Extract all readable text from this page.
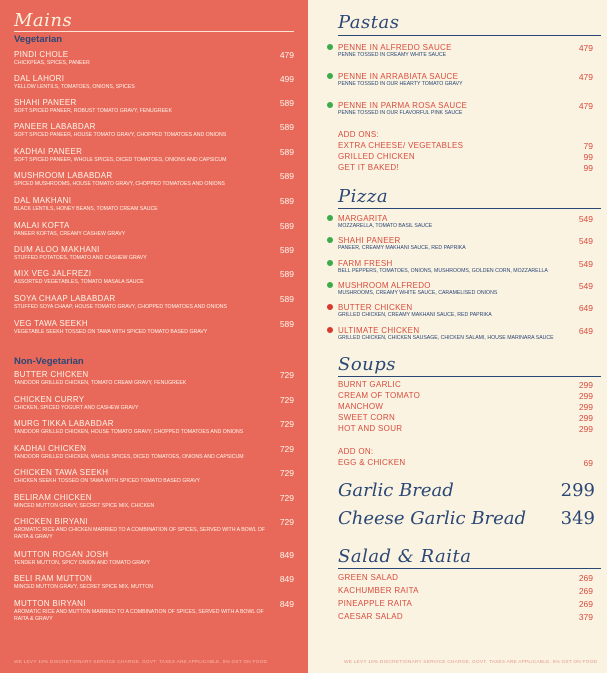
Mains
Vegetarian
PINDI CHOLE
CHICKPEAS, SPICES, PANEER
479
DAL LAHORI
YELLOW LENTILS, TOMATOES, ONIONS, SPICES
499
SHAHI PANEER
SOFT SPICED PANEER, ROBUST TOMATO GRAVY, FENUGREEK
589
PANEER LABABDAR
SOFT SPICED PANEER, HOUSE TOMATO GRAVY, CHOPPED TOMATOES AND ONIONS
589
KADHAI PANEER
SOFT SPICED PANEER, WHOLE SPICES, DICED TOMATOES, ONIONS AND CAPSICUM
589
MUSHROOM LABABDAR
SPICED MUSHROOMS, HOUSE TOMATO GRAVY, CHOPPED TOMATOES AND ONIONS
589
DAL MAKHANI
BLACK LENTILS, HONEY BEANS, TOMATO CREAM SAUCE
589
MALAI KOFTA
PANEER KOFTAS, CREAMY CASHEW GRAVY
589
DUM ALOO MAKHANI
STUFFED POTATOES, TOMATO AND CASHEW GRAVY
589
MIX VEG JALFREZI
ASSORTED VEGETABLES, TOMATO MASALA SAUCE
589
SOYA CHAAP LABABDAR
STUFFED SOYA CHAAP, HOUSE TOMATO GRAVY, CHOPPED TOMATOES AND ONIONS
589
VEG TAWA SEEKH
VEGETABLE SEEKH TOSSED ON TAWA WITH SPICED TOMATO BASED GRAVY
589
Non-Vegetarian
BUTTER CHICKEN
TANDOOR GRILLED CHICKEN, TOMATO CREAM GRAVY, FENUGREEK
729
CHICKEN CURRY
CHICKEN, SPICED YOGURT AND CASHEW GRAVY
729
MURG TIKKA LABABDAR
TANDOOR GRILLED CHICKEN, HOUSE TOMATO GRAVY, CHOPPED TOMATOES AND ONIONS
729
KADHAI CHICKEN
TANDOOR GRILLED CHICKEN, WHOLE SPICES, DICED TOMATOES, ONIONS AND CAPSICUM
729
CHICKEN TAWA SEEKH
CHICKEN SEEKH TOSSED ON TAWA WITH SPICED TOMATO BASED GRAVY
729
BELIRAM CHICKEN
MINCED MUTTON GRAVY, SECRET SPICE MIX, CHICKEN
729
CHICKEN BIRYANI
AROMATIC RICE AND CHICKEN MARRIED TO A COMBINATION OF SPICES, SERVED WITH A BOWL OF RAITA & GRAVY
729
MUTTON ROGAN JOSH
TENDER MUTTON, SPICY ONION AND TOMATO GRAVY
849
BELI RAM MUTTON
MINCED MUTTON GRAVY, SECRET SPICE MIX, MUTTON
849
MUTTON BIRYANI
AROMATIC RICE AND MUTTON MARRIED TO A COMBINATION OF SPICES, SERVED WITH A BOWL OF RAITA & GRAVY
849
WE LEVY 10% DISCRETIONARY SERVICE CHARGE. GOVT. TAXES ARE APPLICABLE. 5% GST ON FOOD
Pastas
PENNE IN ALFREDO SAUCE
PENNE TOSSED IN CREAMY WHITE SAUCE
479
PENNE IN ARRABIATA SAUCE
PENNE TOSSED IN OUR HEARTY TOMATO GRAVY
479
PENNE IN PARMA ROSA SAUCE
PENNE TOSSED IN OUR FLAVORFUL PINK SAUCE
479
ADD ONS:
EXTRA CHEESE/ VEGETABLES	79
GRILLED CHICKEN	99
GET IT BAKED!	99
Pizza
MARGARITA
MOZZARELLA, TOMATO BASIL SAUCE
549
SHAHI PANEER
PANEER, CREAMY MAKHANI SAUCE, RED PAPRIKA
549
FARM FRESH
BELL PEPPERS, TOMATOES, ONIONS, MUSHROOMS, GOLDEN CORN, MOZZARELLA
549
MUSHROOM ALFREDO
MUSHROOMS, CREAMY WHITE SAUCE, CARAMELISED ONIONS
549
BUTTER CHICKEN
GRILLED CHICKEN, CREAMY MAKHANI SAUCE, RED PAPRIKA
649
ULTIMATE CHICKEN
GRILLED CHICKEN, CHICKEN SAUSAGE, CHICKEN SALAMI, HOUSE MARINARA SAUCE
649
Soups
BURNT GARLIC	299
CREAM OF TOMATO	299
MANCHOW	299
SWEET CORN	299
HOT AND SOUR	299
ADD ON:
EGG & CHICKEN	69
Garlic Bread	299
Cheese Garlic Bread 349
Salad & Raita
GREEN SALAD	269
KACHUMBER RAITA	269
PINEAPPLE RAITA	269
CAESAR SALAD	379
WE LEVY 10% DISCRETIONARY SERVICE CHARGE. GOVT. TAXES ARE APPLICABLE. 5% GST ON FOOD
